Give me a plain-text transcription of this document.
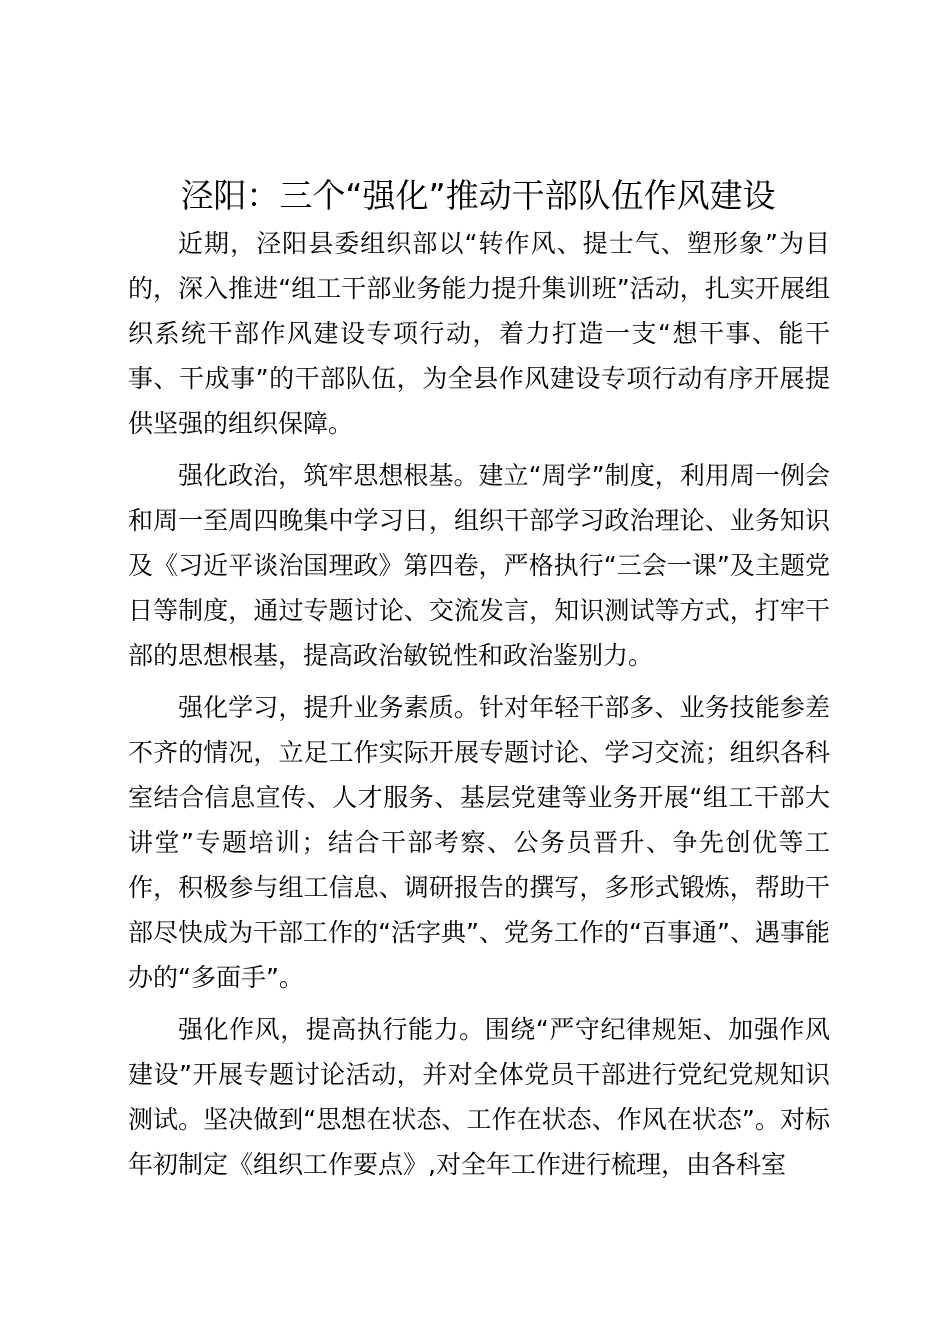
泾阳：三个“强化”推动干部队伍作风建设

近期，泾阳县委组织部以“转作风、提士气、塑形象”为目的，深入推进“组工干部业务能力提升集训班”活动，扎实开展组织系统干部作风建设专项行动，着力打造一支“想干事、能干事、干成事”的干部队伍，为全县作风建设专项行动有序开展提供坚强的组织保障。

强化政治，筑牢思想根基。建立“周学”制度，利用周一例会和周一至周四晚集中学习日，组织干部学习政治理论、业务知识及《习近平谈治国理政》第四卷，严格执行“三会一课”及主题党日等制度，通过专题讨论、交流发言，知识测试等方式，打牢干部的思想根基，提高政治敏锐性和政治鉴别力。

强化学习，提升业务素质。针对年轻干部多、业务技能参差不齐的情况，立足工作实际开展专题讨论、学习交流；组织各科室结合信息宣传、人才服务、基层党建等业务开展“组工干部大讲堂”专题培训；结合干部考察、公务员晋升、争先创优等工作，积极参与组工信息、调研报告的撰写，多形式锻炼，帮助干部尽快成为干部工作的“活字典”、党务工作的“百事通”、遇事能办的“多面手”。

强化作风，提高执行能力。围绕“严守纪律规矩、加强作风建设”开展专题讨论活动，并对全体党员干部进行党纪党规知识测试。坚决做到“思想在状态、工作在状态、作风在状态”。对标年初制定《组织工作要点》,对全年工作进行梳理，由各科室
